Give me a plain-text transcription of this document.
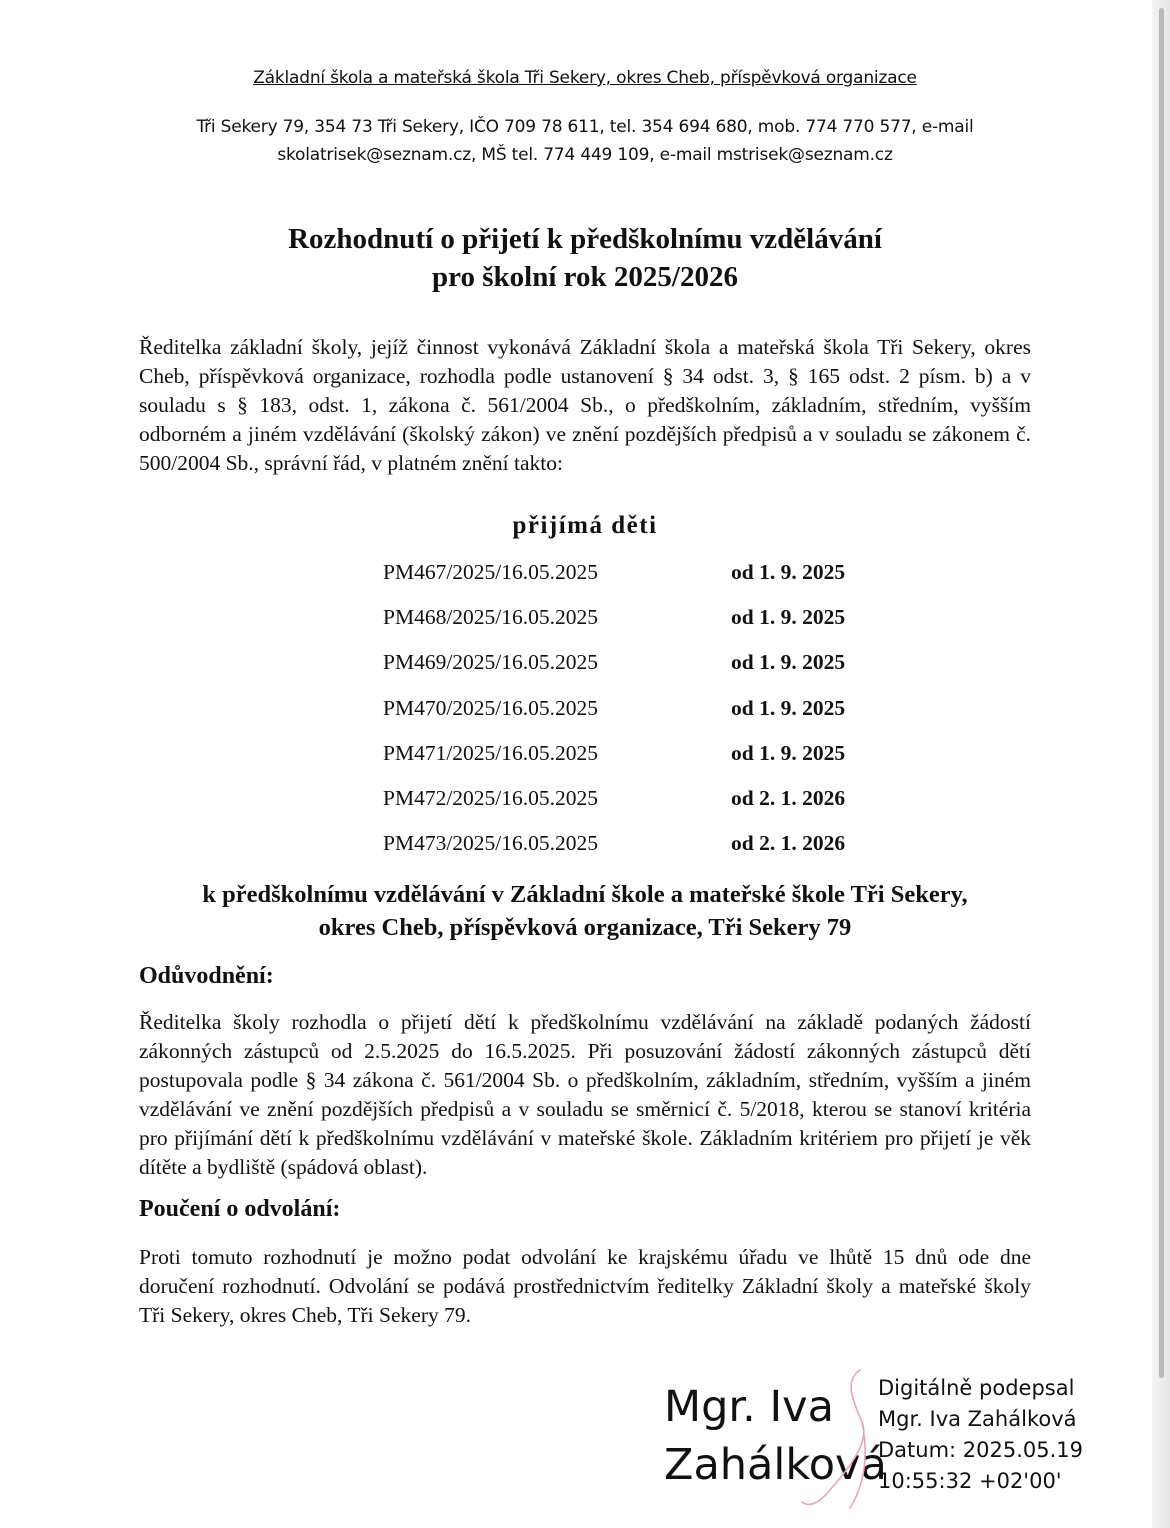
Základní škola a mateřská škola Tři Sekery, okres Cheb, příspěvková organizace
Tři Sekery 79, 354 73 Tři Sekery, IČO 709 78 611, tel. 354 694 680, mob. 774 770 577, e-mail
skolatrisek@seznam.cz, MŠ tel. 774 449 109, e-mail mstrisek@seznam.cz
Rozhodnutí o přijetí k předškolnímu vzdělávání
pro školní rok 2025/2026
Ředitelka základní školy, jejíž činnost vykonává Základní škola a mateřská škola Tři Sekery, okres Cheb, příspěvková organizace, rozhodla podle ustanovení § 34 odst. 3, § 165 odst. 2 písm. b) a v souladu s § 183, odst. 1, zákona č. 561/2004 Sb., o předškolním, základním, středním, vyšším odborném a jiném vzdělávání (školský zákon) ve znění pozdějších předpisů a v souladu se zákonem č. 500/2004 Sb., správní řád, v platném znění takto:
přijímá děti
PM467/2025/16.05.2025	od 1. 9. 2025
PM468/2025/16.05.2025	od 1. 9. 2025
PM469/2025/16.05.2025	od 1. 9. 2025
PM470/2025/16.05.2025	od 1. 9. 2025
PM471/2025/16.05.2025	od 1. 9. 2025
PM472/2025/16.05.2025	od 2. 1. 2026
PM473/2025/16.05.2025	od 2. 1. 2026
k předškolnímu vzdělávání v Základní škole a mateřské škole Tři Sekery,
okres Cheb, příspěvková organizace, Tři Sekery 79
Odůvodnění:
Ředitelka školy rozhodla o přijetí dětí k předškolnímu vzdělávání na základě podaných žádostí zákonných zástupců od 2.5.2025 do 16.5.2025. Při posuzování žádostí zákonných zástupců dětí postupovala podle § 34 zákona č. 561/2004 Sb. o předškolním, základním, středním, vyšším a jiném vzdělávání ve znění pozdějších předpisů a v souladu se směrnicí č. 5/2018, kterou se stanoví kritéria pro přijímání dětí k předškolnímu vzdělávání v mateřské škole. Základním kritériem pro přijetí je věk dítěte a bydliště (spádová oblast).
Poučení o odvolání:
Proti tomuto rozhodnutí je možno podat odvolání ke krajskému úřadu ve lhůtě 15 dnů ode dne doručení rozhodnutí. Odvolání se podává prostřednictvím ředitelky Základní školy a mateřské školy Tři Sekery, okres Cheb, Tři Sekery 79.
Mgr. Iva
Zahálková
Digitálně podepsal
Mgr. Iva Zahálková
Datum: 2025.05.19
10:55:32 +02'00'
